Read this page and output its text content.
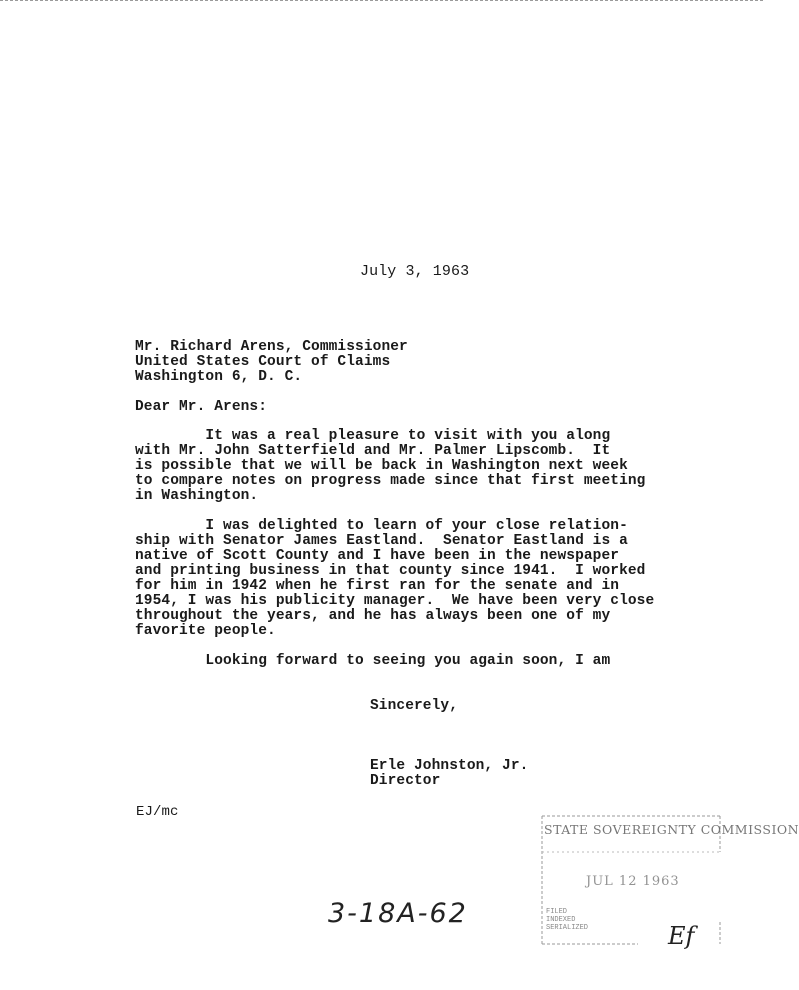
July 3, 1963
Mr. Richard Arens, Commissioner
United States Court of Claims
Washington 6, D. C.
Dear Mr. Arens:
It was a real pleasure to visit with you along
with Mr. John Satterfield and Mr. Palmer Lipscomb.  It
is possible that we will be back in Washington next week
to compare notes on progress made since that first meeting
in Washington.
I was delighted to learn of your close relation-
ship with Senator James Eastland.  Senator Eastland is a
native of Scott County and I have been in the newspaper
and printing business in that county since 1941.  I worked
for him in 1942 when he first ran for the senate and in
1954, I was his publicity manager.  We have been very close
throughout the years, and he has always been one of my
favorite people.
Looking forward to seeing you again soon, I am
Sincerely,
Erle Johnston, Jr.
Director
EJ/mc
STATE SOVEREIGNTY COMMISSION
JUL 12 1963
FILED
INDEXED
SERIALIZED
3-18A-62
Ef
